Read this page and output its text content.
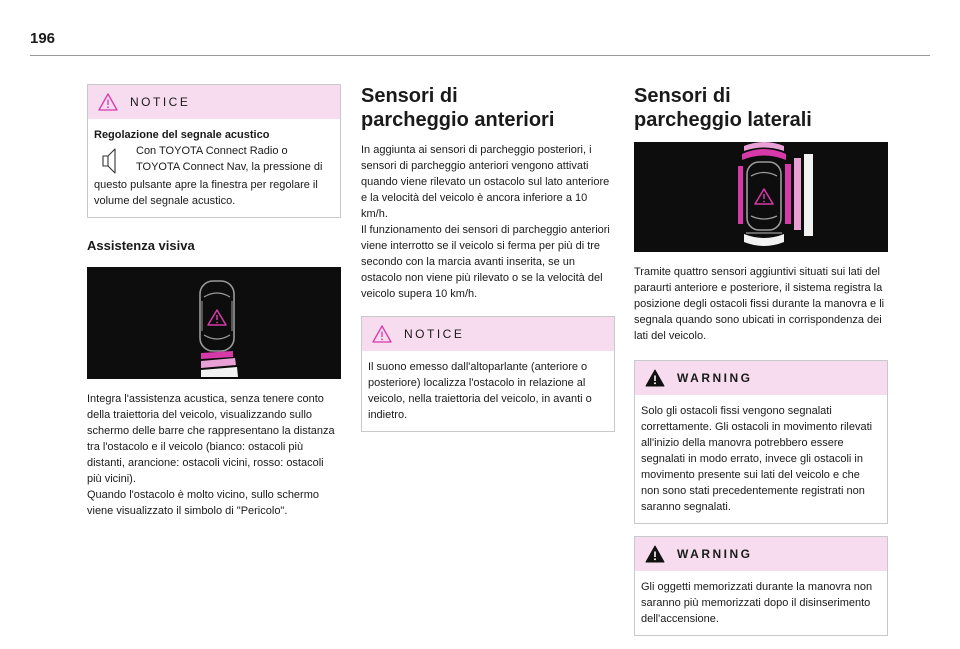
196
NOTICE
Regolazione del segnale acustico
Con TOYOTA Connect Radio o
TOYOTA Connect Nav, la pressione di
questo pulsante apre la finestra per regolare il volume del segnale acustico.
Assistenza visiva
Integra l'assistenza acustica, senza tenere conto della traiettoria del veicolo, visualizzando sullo schermo delle barre che rappresentano la distanza tra l'ostacolo e il veicolo (bianco: ostacoli più distanti, arancione: ostacoli vicini, rosso: ostacoli più vicini).
Quando l'ostacolo è molto vicino, sullo schermo viene visualizzato il simbolo di "Pericolo".
Sensori di parcheggio anteriori
In aggiunta ai sensori di parcheggio posteriori, i sensori di parcheggio anteriori vengono attivati quando viene rilevato un ostacolo sul lato anteriore e la velocità del veicolo è ancora inferiore a 10 km/h.
Il funzionamento dei sensori di parcheggio anteriori viene interrotto se il veicolo si ferma per più di tre secondo con la marcia avanti inserita, se un ostacolo non viene più rilevato o se la velocità del veicolo supera 10 km/h.
NOTICE
Il suono emesso dall'altoparlante (anteriore o posteriore) localizza l'ostacolo in relazione al veicolo, nella traiettoria del veicolo, in avanti o indietro.
Sensori di parcheggio laterali
Tramite quattro sensori aggiuntivi situati sui lati del paraurti anteriore e posteriore, il sistema registra la posizione degli ostacoli fissi durante la manovra e li segnala quando sono ubicati in corrispondenza dei lati del veicolo.
WARNING
Solo gli ostacoli fissi vengono segnalati correttamente. Gli ostacoli in movimento rilevati all'inizio della manovra potrebbero essere segnalati in modo errato, invece gli ostacoli in movimento presente sui lati del veicolo e che non sono stati precedentemente registrati non saranno segnalati.
WARNING
Gli oggetti memorizzati durante la manovra non saranno più memorizzati dopo il disinserimento dell'accensione.
